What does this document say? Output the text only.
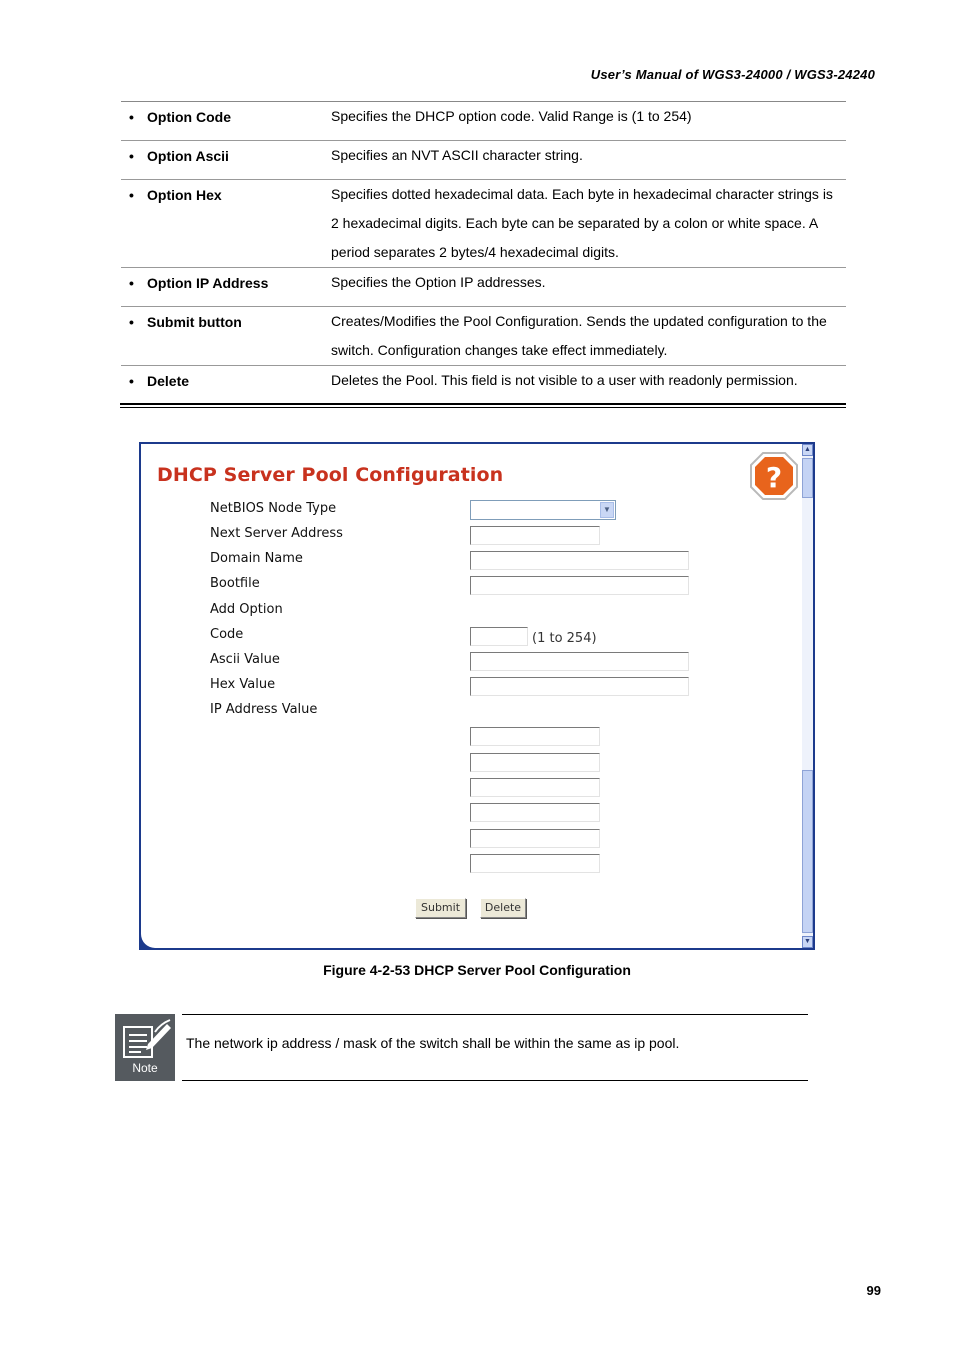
User’s Manual of WGS3-24000 / WGS3-24240
• Option Code	Specifies the DHCP option code. Valid Range is (1 to 254)

• Option Ascii	Specifies an NVT ASCII character string.

• Option Hex	Specifies dotted hexadecimal data. Each byte in hexadecimal character strings is
2 hexadecimal digits. Each byte can be separated by a colon or white space. A
period separates 2 bytes/4 hexadecimal digits.

• Option IP Address	Specifies the Option IP addresses.

• Submit button	Creates/Modifies the Pool Configuration. Sends the updated configuration to the
switch. Configuration changes take effect immediately.

• Delete	Deletes the Pool. This field is not visible to a user with readonly permission.
DHCP Server Pool Configuration	?
NetBIOS Node Type	▼
Next Server Address
Domain Name
Bootfile
Add Option
Code	(1 to 254)
Ascii Value
Hex Value
IP Address Value
Submit	Delete
▲
▼
Figure 4-2-53 DHCP Server Pool Configuration
Note
The network ip address / mask of the switch shall be within the same as ip pool.
99
